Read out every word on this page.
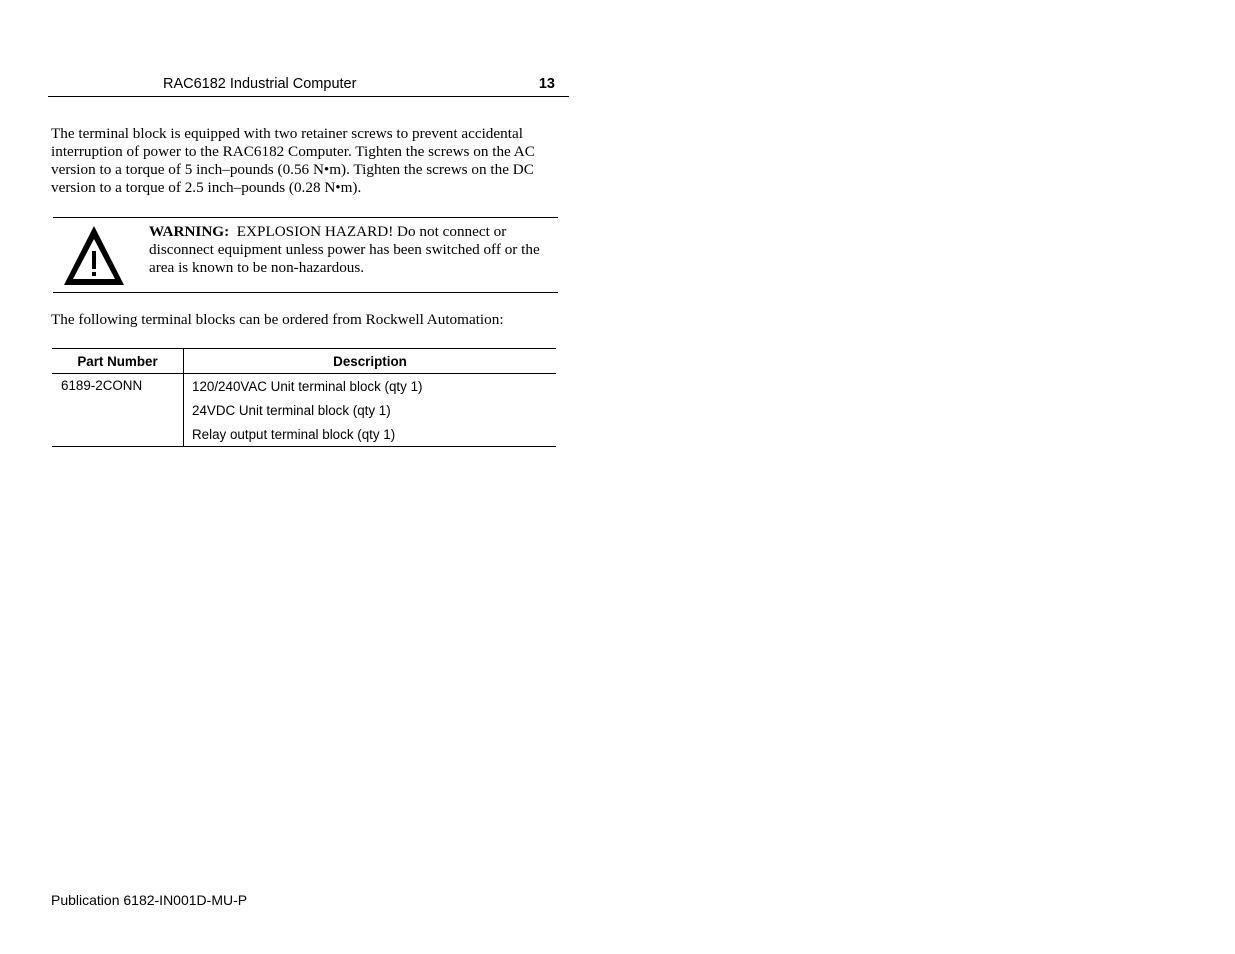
RAC6182 Industrial Computer	13
The terminal block is equipped with two retainer screws to prevent accidental interruption of power to the RAC6182 Computer. Tighten the screws on the AC version to a torque of 5 inch–pounds (0.56 N•m). Tighten the screws on the DC version to a torque of 2.5 inch–pounds (0.28 N•m).
WARNING: EXPLOSION HAZARD! Do not connect or disconnect equipment unless power has been switched off or the area is known to be non-hazardous.
The following terminal blocks can be ordered from Rockwell Automation:
Part Number	Description
6189-2CONN	120/240VAC Unit terminal block (qty 1)
	24VDC Unit terminal block (qty 1)
	Relay output terminal block (qty 1)
Publication 6182-IN001D-MU-P
